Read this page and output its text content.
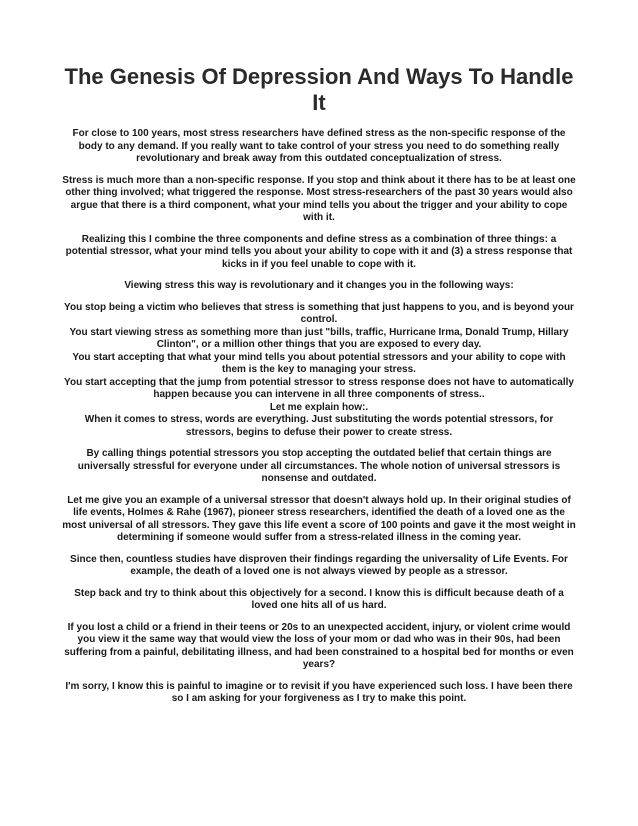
The Genesis Of Depression And Ways To Handle It

For close to 100 years, most stress researchers have defined stress as the non-specific response of the body to any demand. If you really want to take control of your stress you need to do something really revolutionary and break away from this outdated conceptualization of stress.

Stress is much more than a non-specific response. If you stop and think about it there has to be at least one other thing involved; what triggered the response. Most stress-researchers of the past 30 years would also argue that there is a third component, what your mind tells you about the trigger and your ability to cope with it.

Realizing this I combine the three components and define stress as a combination of three things: a potential stressor, what your mind tells you about your ability to cope with it and (3) a stress response that kicks in if you feel unable to cope with it.

Viewing stress this way is revolutionary and it changes you in the following ways:

You stop being a victim who believes that stress is something that just happens to you, and is beyond your control.

You start viewing stress as something more than just "bills, traffic, Hurricane Irma, Donald Trump, Hillary Clinton", or a million other things that you are exposed to every day.

You start accepting that what your mind tells you about potential stressors and your ability to cope with them is the key to managing your stress.

You start accepting that the jump from potential stressor to stress response does not have to automatically happen because you can intervene in all three components of stress..

Let me explain how:.

When it comes to stress, words are everything. Just substituting the words potential stressors, for stressors, begins to defuse their power to create stress.

By calling things potential stressors you stop accepting the outdated belief that certain things are universally stressful for everyone under all circumstances. The whole notion of universal stressors is nonsense and outdated.

Let me give you an example of a universal stressor that doesn't always hold up. In their original studies of life events, Holmes & Rahe (1967), pioneer stress researchers, identified the death of a loved one as the most universal of all stressors. They gave this life event a score of 100 points and gave it the most weight in determining if someone would suffer from a stress-related illness in the coming year.

Since then, countless studies have disproven their findings regarding the universality of Life Events. For example, the death of a loved one is not always viewed by people as a stressor.

Step back and try to think about this objectively for a second. I know this is difficult because death of a loved one hits all of us hard.

If you lost a child or a friend in their teens or 20s to an unexpected accident, injury, or violent crime would you view it the same way that would view the loss of your mom or dad who was in their 90s, had been suffering from a painful, debilitating illness, and had been constrained to a hospital bed for months or even years?

I'm sorry, I know this is painful to imagine or to revisit if you have experienced such loss. I have been there so I am asking for your forgiveness as I try to make this point.
